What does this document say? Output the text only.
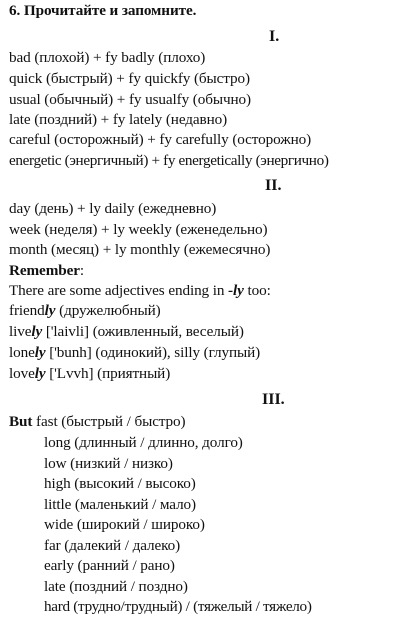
6. Прочитайте и запомните.
I.
bad (плохой) + fy badly (плохо)
quick (быстрый) + fy quickfy (быстро)
usual (обычный) + fy usualfy (обычно)
late (поздний) + fy lately (недавно)
careful (осторожный) + fy carefully (осторожно)
energetic (энергичный) + fy energetically (энергично)
II.
day (день) + ly daily (ежедневно)
week (неделя) + ly weekly (еженедельно)
month (месяц) + ly monthly (ежемесячно)
Remember:
There are some adjectives ending in -ly too:
friendly (дружелюбный)
lively ['laivli] (оживленный, веселый)
lonely ['bunh] (одинокий), silly (глупый)
lovely ['Lvvh] (приятный)
III.
But fast (быстрый / быстро)
long (длинный / длинно, долго)
low (низкий / низко)
high (высокий / высоко)
little (маленький / мало)
wide (широкий / широко)
far (далекий / далеко)
early (ранний / рано)
late (поздний / поздно)
hard (трудно/трудный) / (тяжелый / тяжело)
